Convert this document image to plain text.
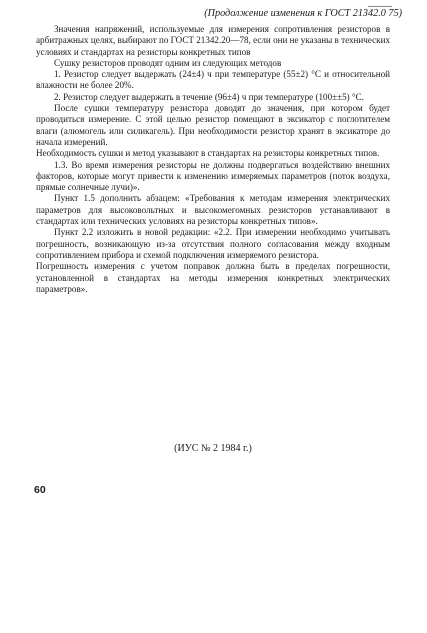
(Продолжение изменения к ГОСТ 21342.0 75)

Значения напряжений, используемые для измерения сопротивления резисторов в арбитражных целях, выбирают по ГОСТ 21342.20—78, если они не указаны в технических условиях и стандартах на резисторы конкретных типов

Сушку резисторов проводят одним из следующих методов

1. Резистор следует выдержать (24±4) ч при температуре (55±2) °С и относительной влажности не более 20%.

2. Резистор следует выдержать в течение (96±4) ч при температуре (100±±5) °С.

После сушки температуру резистора доводят до значения, при котором будет проводиться измерение. С этой целью резистор помещают в эксикатор с поглотителем влаги (алюмогель или силикагель). При необходимости резистор хранят в эксикаторе до начала измерений.

Необходимость сушки и метод указывают в стандартах на резисторы конкретных типов.

1.3. Во время измерения резисторы не должны подвергаться воздействию внешних факторов, которые могут привести к изменению измеряемых параметров (поток воздуха, прямые солнечные лучи)».

Пункт 1.5 дополнить абзацем: «Требования к методам измерения электрических параметров для высоковольтных и высокомегомных резисторов устанавливают в стандартах или технических условиях на резисторы конкретных типов».

Пункт 2.2 изложить в новой редакции: «2.2. При измерении необходимо учитывать погрешность, возникающую из-за отсутствия полного согласования между входным сопротивлением прибора и схемой подключения измеряемого резистора.

Погрешность измерения с учетом поправок должна быть в пределах погрешности, установленной в стандартах на методы измерения конкретных электрических параметров».

(ИУС № 2 1984 г.)
60
